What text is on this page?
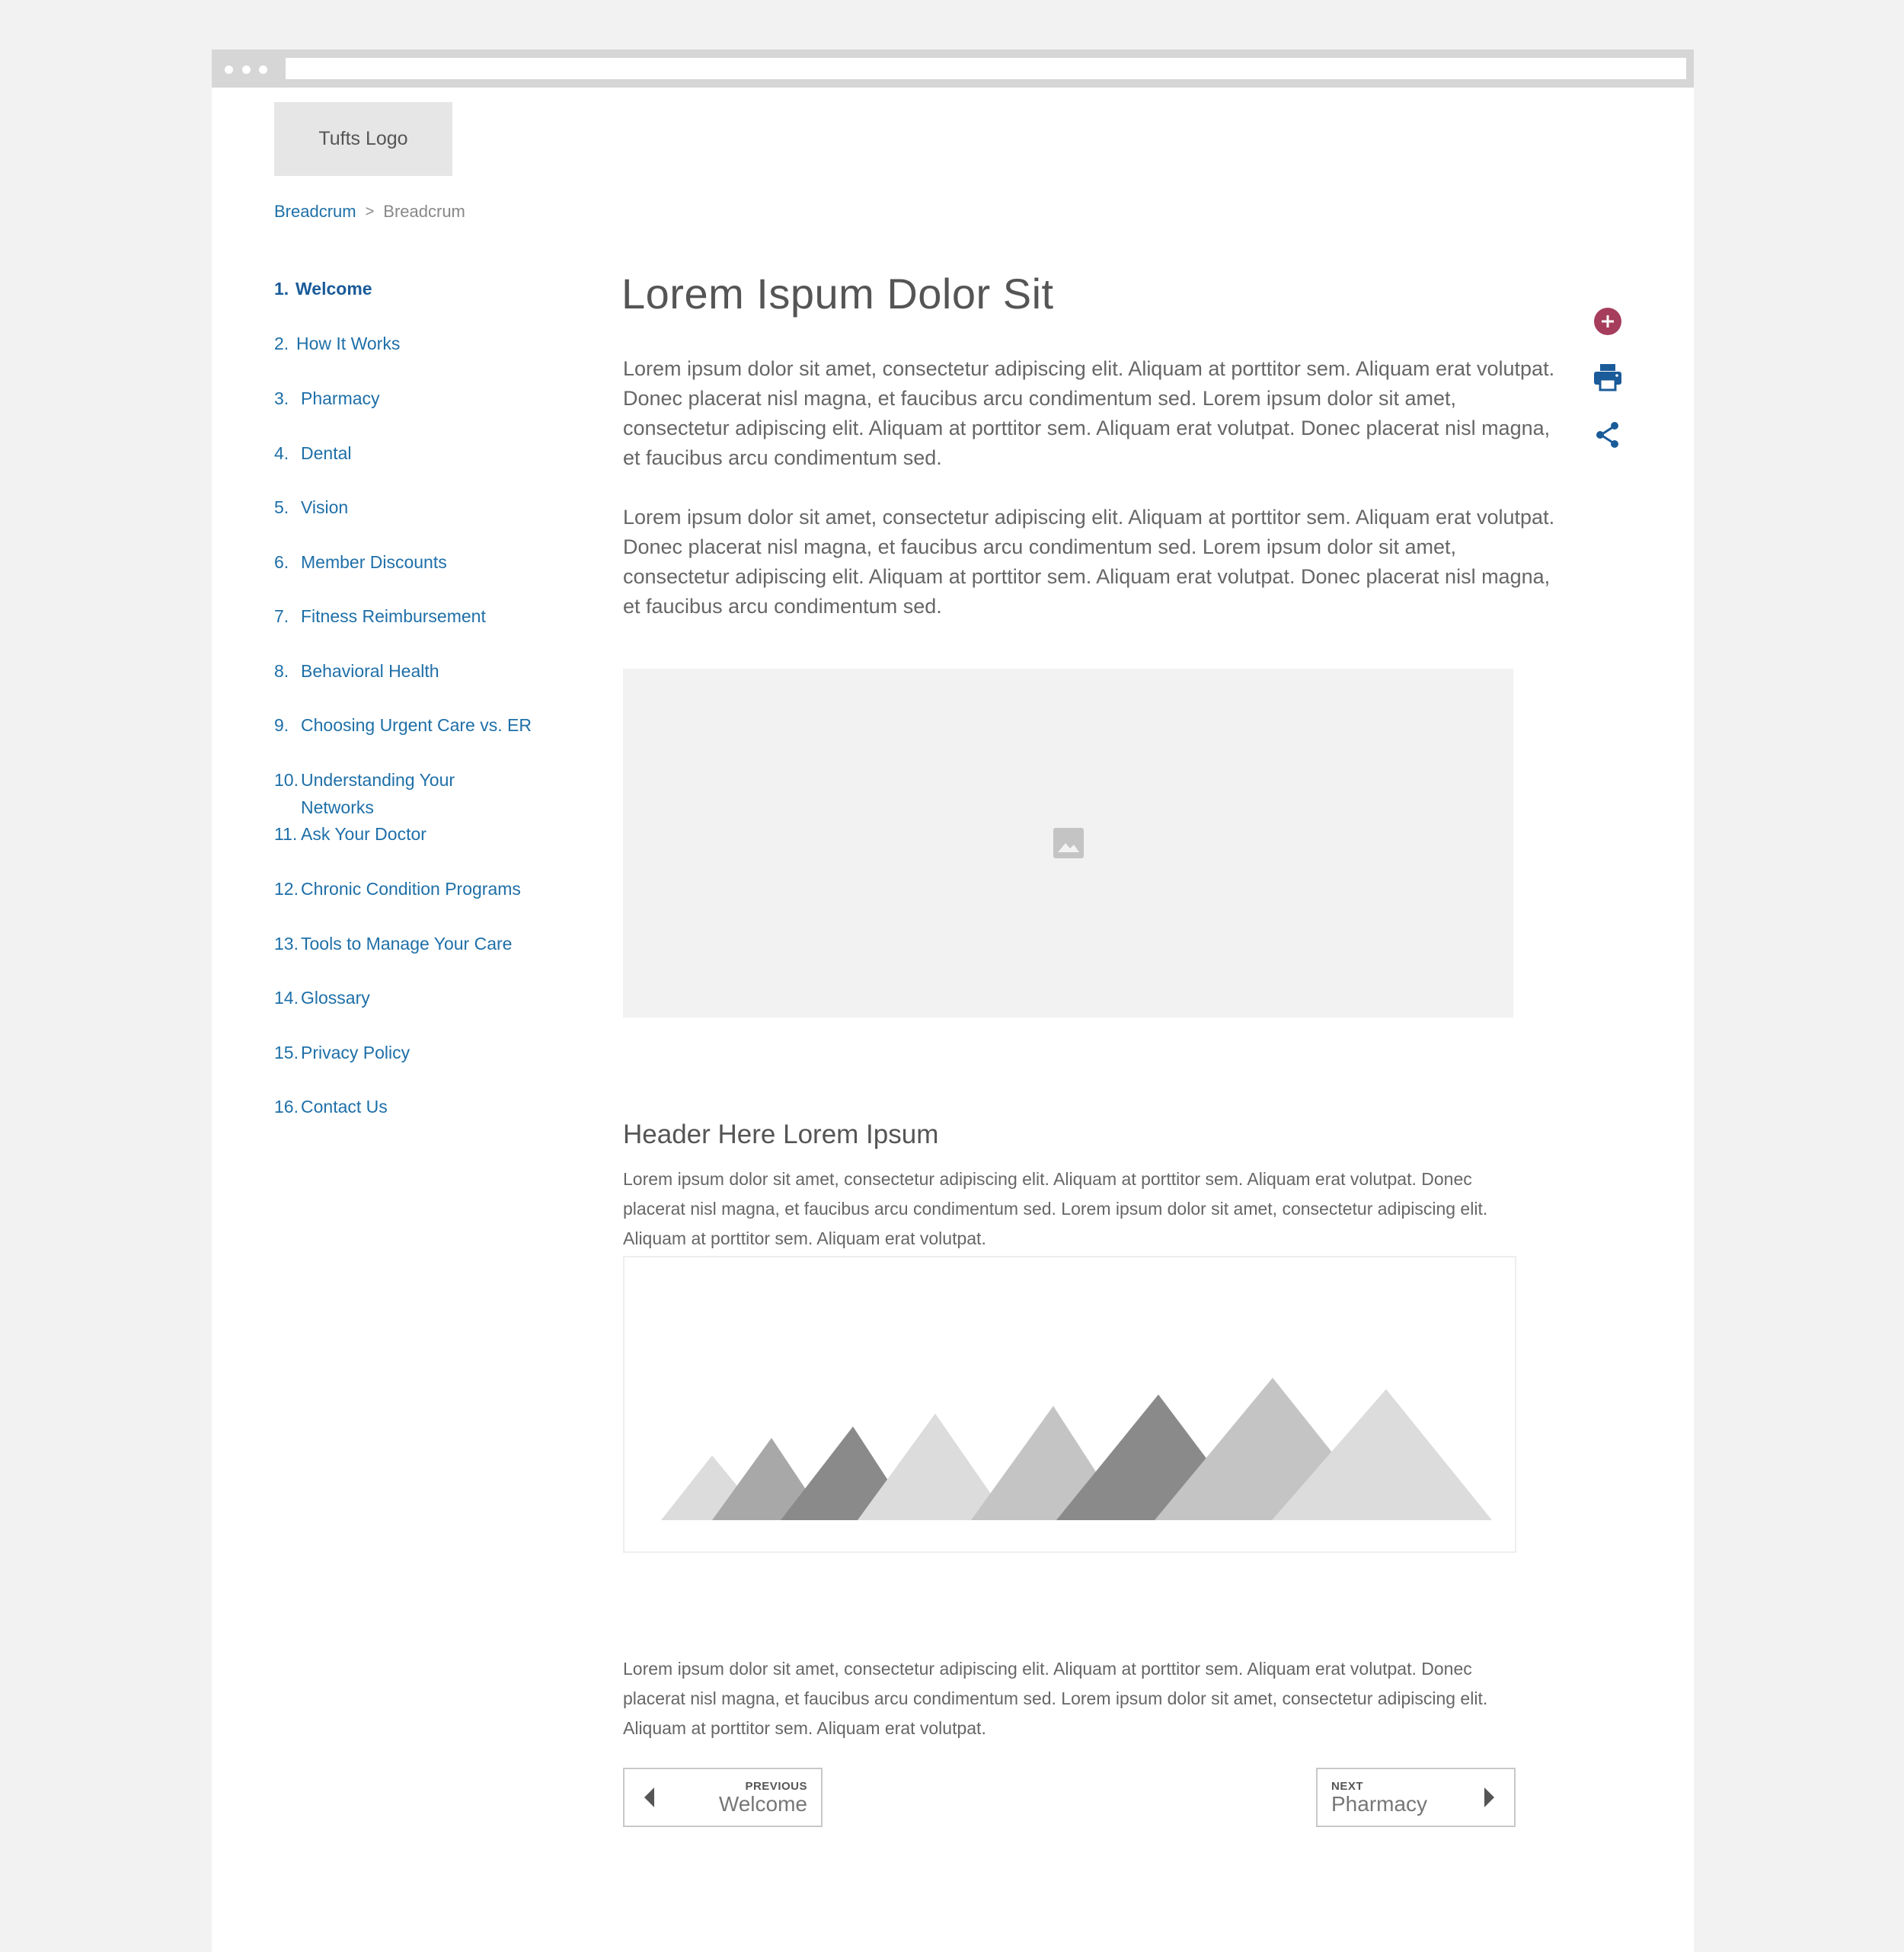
Tufts Logo
Breadcrum > Breadcrum
1. Welcome
2. How It Works
3. Pharmacy
4. Dental
5. Vision
6. Member Discounts
7. Fitness Reimbursement
8. Behavioral Health
9. Choosing Urgent Care vs. ER
10. Understanding Your Networks
11. Ask Your Doctor
12. Chronic Condition Programs
13. Tools to Manage Your Care
14. Glossary
15. Privacy Policy
16. Contact Us
Lorem Ispum Dolor Sit

Lorem ipsum dolor sit amet, consectetur adipiscing elit. Aliquam at porttitor sem. Aliquam erat volutpat. Donec placerat nisl magna, et faucibus arcu condimentum sed. Lorem ipsum dolor sit amet, consectetur adipiscing elit. Aliquam at porttitor sem. Aliquam erat volutpat. Donec placerat nisl magna, et faucibus arcu condimentum sed.

Lorem ipsum dolor sit amet, consectetur adipiscing elit. Aliquam at porttitor sem. Aliquam erat volutpat. Donec placerat nisl magna, et faucibus arcu condimentum sed. Lorem ipsum dolor sit amet, consectetur adipiscing elit. Aliquam at porttitor sem. Aliquam erat volutpat. Donec placerat nisl magna, et faucibus arcu condimentum sed.

Header Here Lorem Ipsum

Lorem ipsum dolor sit amet, consectetur adipiscing elit. Aliquam at porttitor sem. Aliquam erat volutpat. Donec placerat nisl magna, et faucibus arcu condimentum sed. Lorem ipsum dolor sit amet, consectetur adipiscing elit. Aliquam at porttitor sem. Aliquam erat volutpat.

Lorem ipsum dolor sit amet, consectetur adipiscing elit. Aliquam at porttitor sem. Aliquam erat volutpat. Donec placerat nisl magna, et faucibus arcu condimentum sed. Lorem ipsum dolor sit amet, consectetur adipiscing elit. Aliquam at porttitor sem. Aliquam erat volutpat.

PREVIOUS
Welcome
NEXT
Pharmacy
